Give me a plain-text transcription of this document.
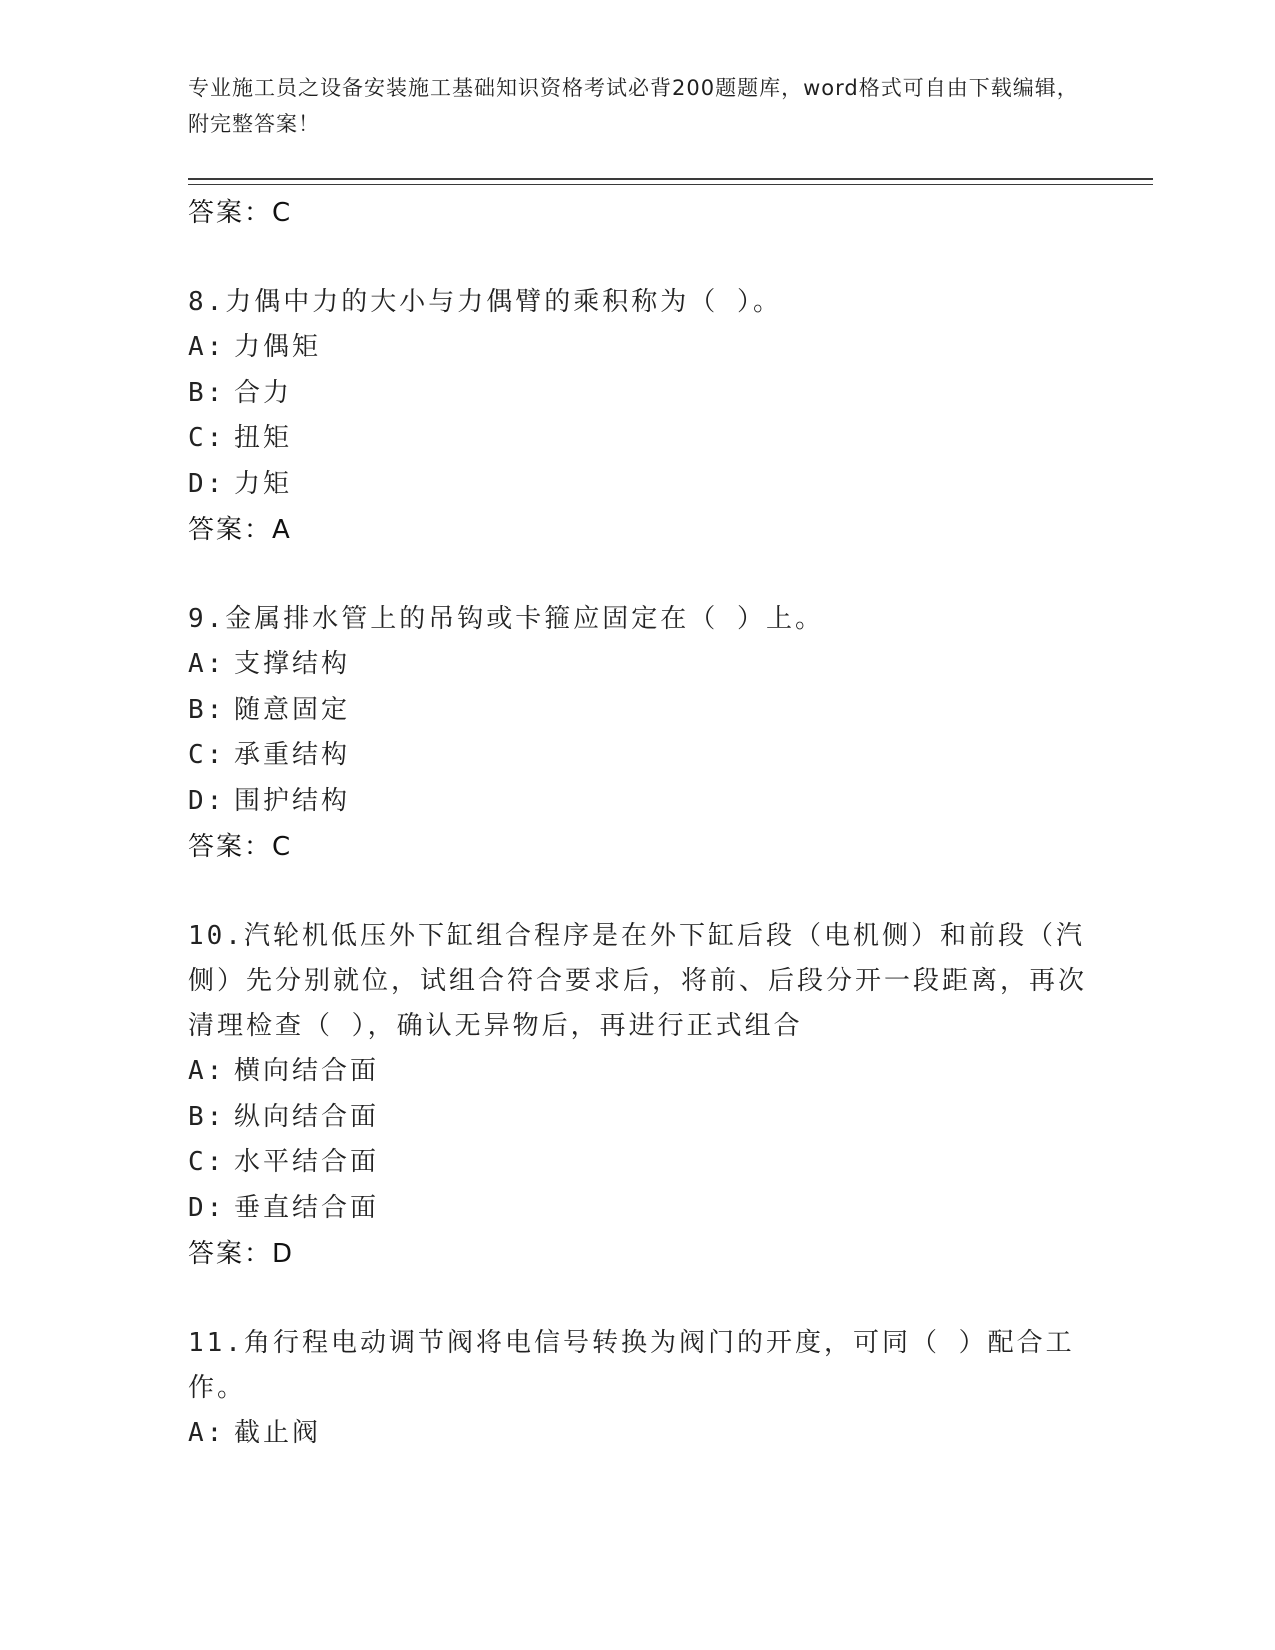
专业施工员之设备安装施工基础知识资格考试必背200题题库，word格式可自由下载编辑，附完整答案！
答案：C
8.力偶中力的大小与力偶臂的乘积称为（ ）。
A: 力偶矩
B: 合力
C: 扭矩
D: 力矩
答案：A
9.金属排水管上的吊钩或卡箍应固定在（ ）上。
A: 支撑结构
B: 随意固定
C: 承重结构
D: 围护结构
答案：C
10.汽轮机低压外下缸组合程序是在外下缸后段（电机侧）和前段（汽侧）先分别就位，试组合符合要求后，将前、后段分开一段距离，再次清理检查（ ），确认无异物后，再进行正式组合
A: 横向结合面
B: 纵向结合面
C: 水平结合面
D: 垂直结合面
答案：D
11.角行程电动调节阀将电信号转换为阀门的开度，可同（ ）配合工作。
A: 截止阀
